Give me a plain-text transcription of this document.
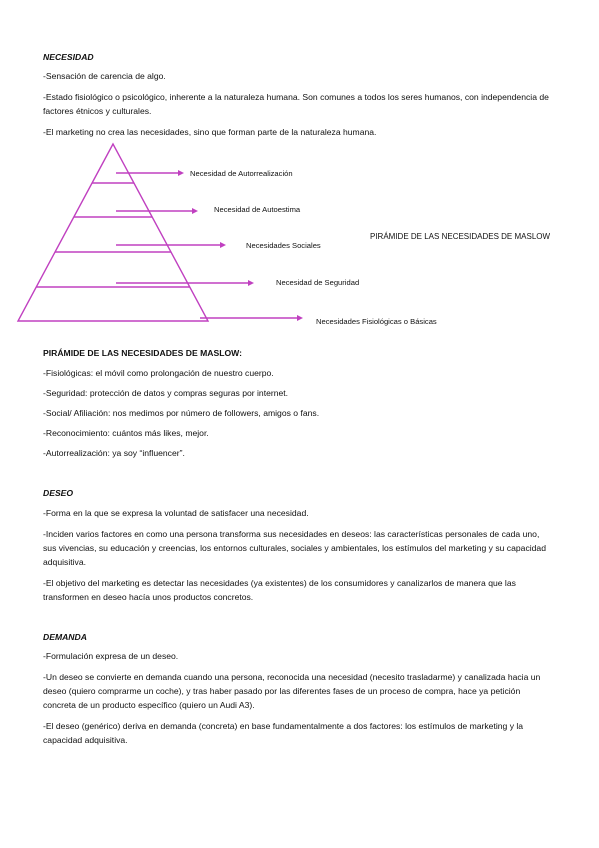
NECESIDAD

-Sensación de carencia de algo.

-Estado fisiológico o psicológico, inherente a la naturaleza humana. Son comunes a todos los seres humanos, con independencia de factores étnicos y culturales.

-El marketing no crea las necesidades, sino que forman parte de la naturaleza humana.

Necesidad de Autorrealización
Necesidad de Autoestima
Necesidades Sociales
Necesidad de Seguridad
Necesidades Fisiológicas o Básicas
PIRÁMIDE DE LAS NECESIDADES DE MASLOW

PIRÁMIDE DE LAS NECESIDADES DE MASLOW:

-Fisiológicas: el móvil como prolongación de nuestro cuerpo.

-Seguridad: protección de datos y compras seguras por internet.

-Social/ Afiliación: nos medimos por número de followers, amigos o fans.

-Reconocimiento: cuántos más likes, mejor.

-Autorrealización: ya soy “influencer”.

DESEO

-Forma en la que se expresa la voluntad de satisfacer una necesidad.

-Inciden varios factores en como una persona transforma sus necesidades en deseos: las características personales de cada uno, sus vivencias, su educación y creencias, los entornos culturales, sociales y ambientales, los estímulos del marketing y su capacidad adquisitiva.

-El objetivo del marketing es detectar las necesidades (ya existentes) de los consumidores y canalizarlos de manera que las transformen en deseo hacía unos productos concretos.

DEMANDA

-Formulación expresa de un deseo.

-Un deseo se convierte en demanda cuando una persona, reconocida una necesidad (necesito trasladarme) y canalizada hacia un deseo (quiero comprarme un coche), y tras haber pasado por las diferentes fases de un proceso de compra, hace ya petición concreta de un producto específico (quiero un Audi A3).

-El deseo (genérico) deriva en demanda (concreta) en base fundamentalmente a dos factores: los estímulos de marketing y la capacidad adquisitiva.
